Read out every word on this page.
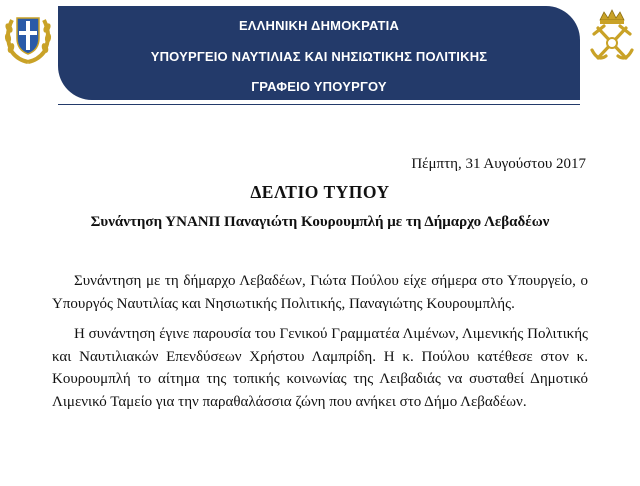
ΕΛΛΗΝΙΚΗ ΔΗΜΟΚΡΑΤΙΑ
ΥΠΟΥΡΓΕΙΟ ΝΑΥΤΙΛΙΑΣ ΚΑΙ ΝΗΣΙΩΤΙΚΗΣ ΠΟΛΙΤΙΚΗΣ
ΓΡΑΦΕΙΟ ΥΠΟΥΡΓΟΥ
Πέμπτη, 31 Αυγούστου 2017
ΔΕΛΤΙΟ ΤΥΠΟΥ
Συνάντηση ΥΝΑΝΠ Παναγιώτη Κουρουμπλή με τη Δήμαρχο Λεβαδέων

Συνάντηση με τη δήμαρχο Λεβαδέων, Γιώτα Πούλου είχε σήμερα στο Υπουργείο, ο Υπουργός Ναυτιλίας και Νησιωτικής Πολιτικής, Παναγιώτης Κουρουμπλής.

Η συνάντηση έγινε παρουσία του Γενικού Γραμματέα Λιμένων, Λιμενικής Πολιτικής και Ναυτιλιακών Επενδύσεων Χρήστου Λαμπρίδη. Η κ. Πούλου κατέθεσε στον κ. Κουρουμπλή το αίτημα της τοπικής κοινωνίας της Λειβαδιάς να συσταθεί Δημοτικό Λιμενικό Ταμείο για την παραθαλάσσια ζώνη που ανήκει στο Δήμο Λεβαδέων.
